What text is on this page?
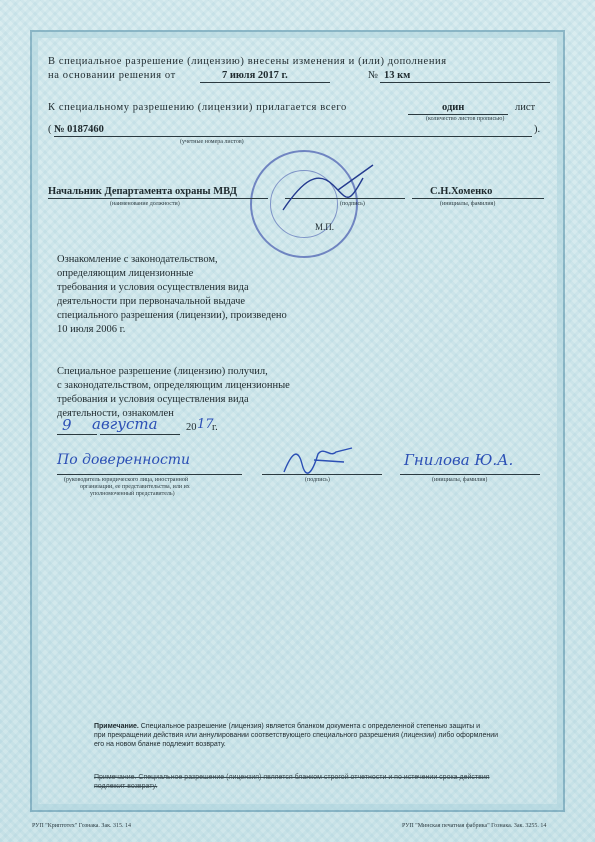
В специальное разрешение (лицензию) внесены изменения и (или) дополнения
на основании решения от	7 июля 2017 г.	№ 13 км
К специальному разрешению (лицензии) прилагается всего	один	лист
(количество листов прописью)
( № 0187460	).
(учетные номера листов)
Начальник Департамента охраны МВД
(наименование должности)	(подпись)
С.Н.Хоменко
(инициалы, фамилия)
М.П.
Ознакомление с законодательством,
определяющим лицензионные
требования и условия осуществления вида
деятельности при первоначальной выдаче
специального разрешения (лицензии), произведено
10 июля 2006 г.
Специальное разрешение (лицензию) получил,
с законодательством, определяющим лицензионные
требования и условия осуществления вида
деятельности, ознакомлен
9 августа	20 17
г.
По доверенности
(руководитель юридического лица, иностранной
организации, ее представительства, или их
уполномоченный представитель)
(подпись)
Гнилова Ю.А.
(инициалы, фамилия)
Примечание. Специальное разрешение (лицензия) является бланком документа с определенной степенью защиты и
при прекращении действия или аннулировании соответствующего специального разрешения (лицензии) либо оформлении
его на новом бланке подлежит возврату.
Примечание. Специальное разрешение (лицензия) является бланком строгой отчетности и по истечении срока действия
подлежит возврату.
РУП "Криптотех" Гознака. Зак. 315. 14	РУП "Минская печатная фабрика" Гознака. Зак. 3255. 14
